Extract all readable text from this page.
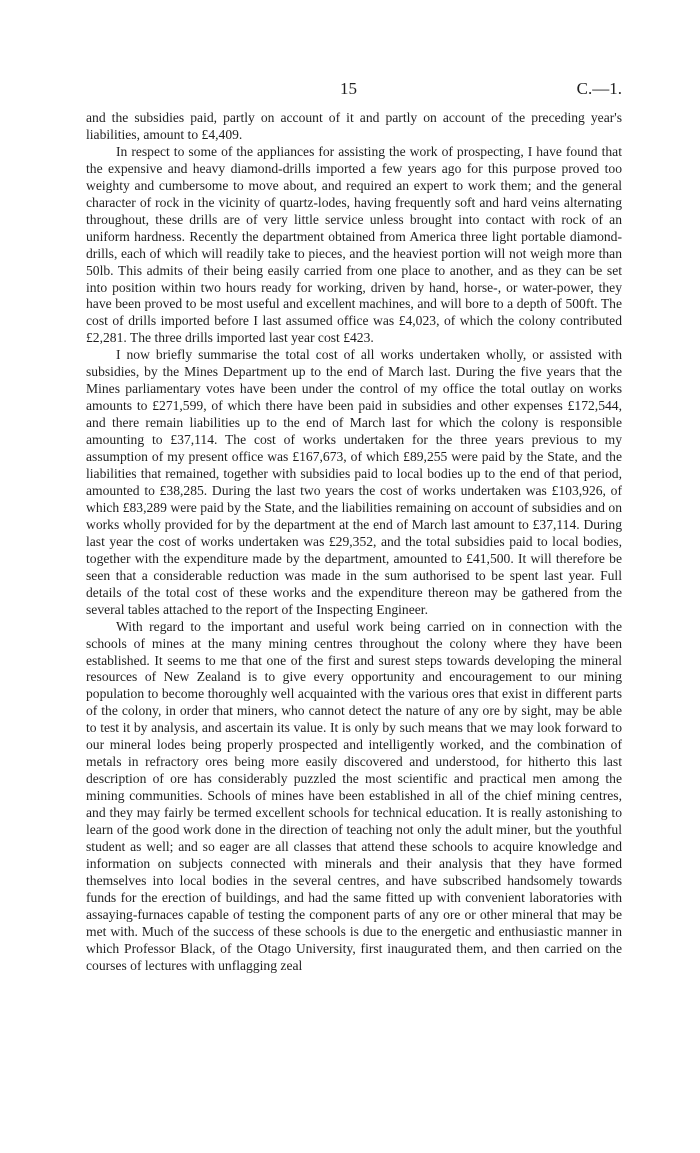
15	C.—1.

and the subsidies paid, partly on account of it and partly on account of the preceding year's liabilities, amount to £4,409.

In respect to some of the appliances for assisting the work of prospecting, I have found that the expensive and heavy diamond-drills imported a few years ago for this purpose proved too weighty and cumbersome to move about, and required an expert to work them; and the general character of rock in the vicinity of quartz-lodes, having frequently soft and hard veins alternating throughout, these drills are of very little service unless brought into contact with rock of an uniform hardness. Recently the department obtained from America three light portable diamond-drills, each of which will readily take to pieces, and the heaviest portion will not weigh more than 50lb. This admits of their being easily carried from one place to another, and as they can be set into position within two hours ready for working, driven by hand, horse-, or water-power, they have been proved to be most useful and excellent machines, and will bore to a depth of 500ft. The cost of drills imported before I last assumed office was £4,023, of which the colony contributed £2,281. The three drills imported last year cost £423.

I now briefly summarise the total cost of all works undertaken wholly, or assisted with subsidies, by the Mines Department up to the end of March last. During the five years that the Mines parliamentary votes have been under the control of my office the total outlay on works amounts to £271,599, of which there have been paid in subsidies and other expenses £172,544, and there remain liabilities up to the end of March last for which the colony is responsible amounting to £37,114. The cost of works undertaken for the three years previous to my assumption of my present office was £167,673, of which £89,255 were paid by the State, and the liabilities that remained, together with subsidies paid to local bodies up to the end of that period, amounted to £38,285. During the last two years the cost of works undertaken was £103,926, of which £83,289 were paid by the State, and the liabilities remaining on account of subsidies and on works wholly provided for by the department at the end of March last amount to £37,114. During last year the cost of works undertaken was £29,352, and the total subsidies paid to local bodies, together with the expenditure made by the department, amounted to £41,500. It will therefore be seen that a considerable reduction was made in the sum authorised to be spent last year. Full details of the total cost of these works and the expenditure thereon may be gathered from the several tables attached to the report of the Inspecting Engineer.

With regard to the important and useful work being carried on in connection with the schools of mines at the many mining centres throughout the colony where they have been established. It seems to me that one of the first and surest steps towards developing the mineral resources of New Zealand is to give every opportunity and encouragement to our mining population to become thoroughly well acquainted with the various ores that exist in different parts of the colony, in order that miners, who cannot detect the nature of any ore by sight, may be able to test it by analysis, and ascertain its value. It is only by such means that we may look forward to our mineral lodes being properly prospected and intelligently worked, and the combination of metals in refractory ores being more easily discovered and understood, for hitherto this last description of ore has considerably puzzled the most scientific and practical men among the mining communities. Schools of mines have been established in all of the chief mining centres, and they may fairly be termed excellent schools for technical education. It is really astonishing to learn of the good work done in the direction of teaching not only the adult miner, but the youthful student as well; and so eager are all classes that attend these schools to acquire knowledge and information on subjects connected with minerals and their analysis that they have formed themselves into local bodies in the several centres, and have subscribed handsomely towards funds for the erection of buildings, and had the same fitted up with convenient laboratories with assaying-furnaces capable of testing the component parts of any ore or other mineral that may be met with. Much of the success of these schools is due to the energetic and enthusiastic manner in which Professor Black, of the Otago University, first inaugurated them, and then carried on the courses of lectures with unflagging zeal
